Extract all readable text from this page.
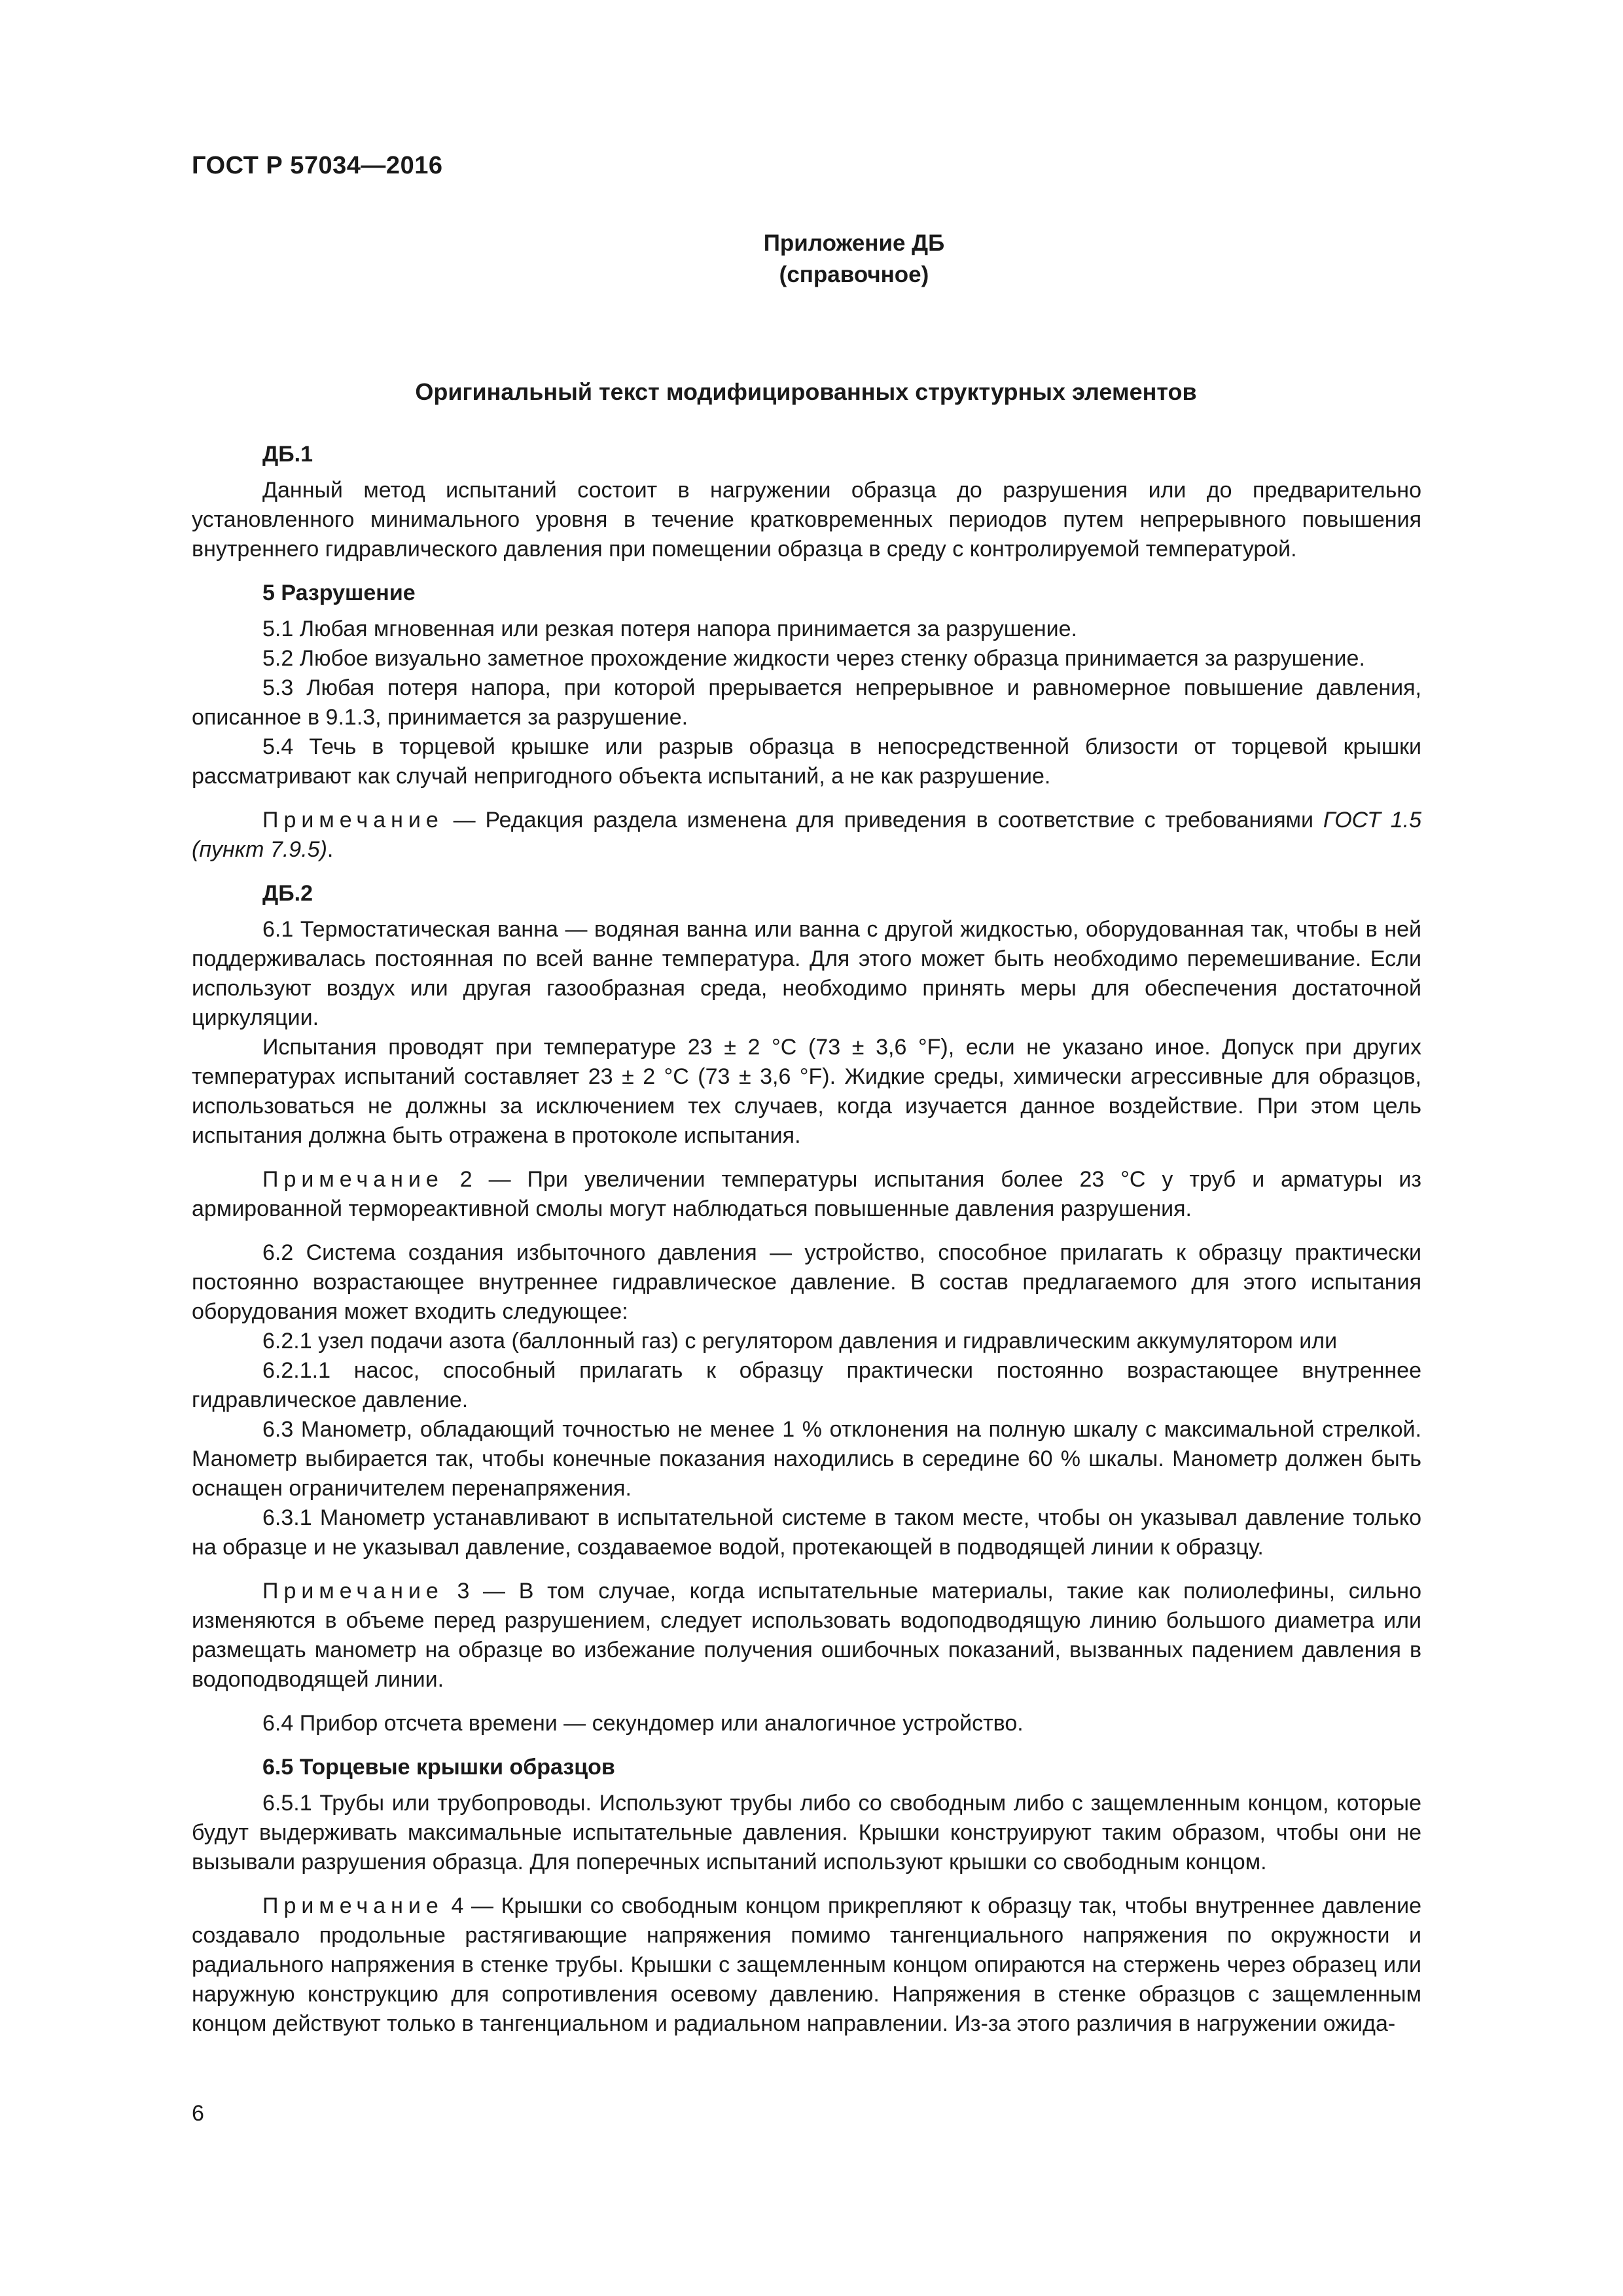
ГОСТ Р 57034—2016
Приложение ДБ
(справочное)
Оригинальный текст модифицированных структурных элементов

ДБ.1

Данный метод испытаний состоит в нагружении образца до разрушения или до предварительно установленного минимального уровня в течение кратковременных периодов путем непрерывного повышения внутреннего гидравлического давления при помещении образца в среду с контролируемой температурой.

5 Разрушение

5.1 Любая мгновенная или резкая потеря напора принимается за разрушение.

5.2 Любое визуально заметное прохождение жидкости через стенку образца принимается за разрушение.

5.3 Любая потеря напора, при которой прерывается непрерывное и равномерное повышение давления, описанное в 9.1.3, принимается за разрушение.

5.4 Течь в торцевой крышке или разрыв образца в непосредственной близости от торцевой крышки рассматривают как случай непригодного объекта испытаний, а не как разрушение.

Примечание — Редакция раздела изменена для приведения в соответствие с требованиями ГОСТ 1.5 (пункт 7.9.5).

ДБ.2

6.1 Термостатическая ванна — водяная ванна или ванна с другой жидкостью, оборудованная так, чтобы в ней поддерживалась постоянная по всей ванне температура. Для этого может быть необходимо перемешивание. Если используют воздух или другая газообразная среда, необходимо принять меры для обеспечения достаточной циркуляции.

Испытания проводят при температуре 23 ± 2 °С (73 ± 3,6 °F), если не указано иное. Допуск при других температурах испытаний составляет 23 ± 2 °С (73 ± 3,6 °F). Жидкие среды, химически агрессивные для образцов, использоваться не должны за исключением тех случаев, когда изучается данное воздействие. При этом цель испытания должна быть отражена в протоколе испытания.

Примечание 2 — При увеличении температуры испытания более 23 °С у труб и арматуры из армированной термореактивной смолы могут наблюдаться повышенные давления разрушения.

6.2 Система создания избыточного давления — устройство, способное прилагать к образцу практически постоянно возрастающее внутреннее гидравлическое давление. В состав предлагаемого для этого испытания оборудования может входить следующее:

6.2.1 узел подачи азота (баллонный газ) с регулятором давления и гидравлическим аккумулятором или

6.2.1.1 насос, способный прилагать к образцу практически постоянно возрастающее внутреннее гидравлическое давление.

6.3 Манометр, обладающий точностью не менее 1 % отклонения на полную шкалу с максимальной стрелкой. Манометр выбирается так, чтобы конечные показания находились в середине 60 % шкалы. Манометр должен быть оснащен ограничителем перенапряжения.

6.3.1 Манометр устанавливают в испытательной системе в таком месте, чтобы он указывал давление только на образце и не указывал давление, создаваемое водой, протекающей в подводящей линии к образцу.

Примечание 3 — В том случае, когда испытательные материалы, такие как полиолефины, сильно изменяются в объеме перед разрушением, следует использовать водоподводящую линию большого диаметра или размещать манометр на образце во избежание получения ошибочных показаний, вызванных падением давления в водоподводящей линии.

6.4 Прибор отсчета времени — секундомер или аналогичное устройство.

6.5 Торцевые крышки образцов

6.5.1 Трубы или трубопроводы. Используют трубы либо со свободным либо с защемленным концом, которые будут выдерживать максимальные испытательные давления. Крышки конструируют таким образом, чтобы они не вызывали разрушения образца. Для поперечных испытаний используют крышки со свободным концом.

Примечание 4 — Крышки со свободным концом прикрепляют к образцу так, чтобы внутреннее давление создавало продольные растягивающие напряжения помимо тангенциального напряжения по окружности и радиального напряжения в стенке трубы. Крышки с защемленным концом опираются на стержень через образец или наружную конструкцию для сопротивления осевому давлению. Напряжения в стенке образцов с защемленным концом действуют только в тангенциальном и радиальном направлении. Из-за этого различия в нагружении ожида-

6
